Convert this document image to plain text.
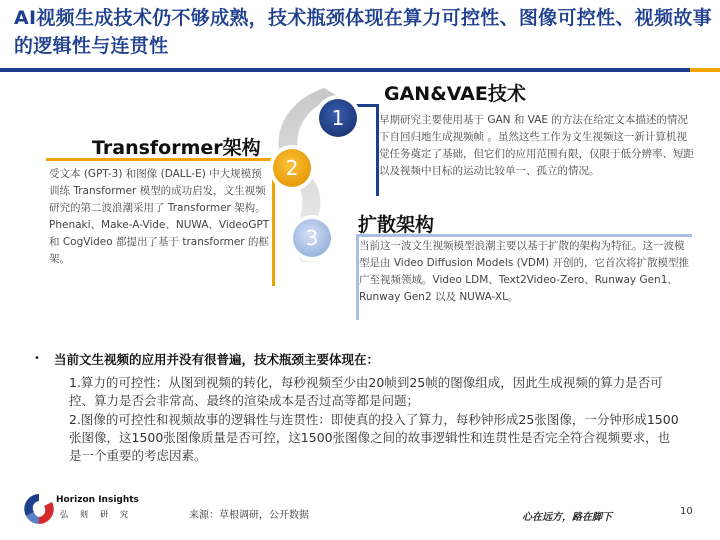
AI视频生成技术仍不够成熟，技术瓶颈体现在算力可控性、图像可控性、视频故事的逻辑性与连贯性
1
2
3
GAN&VAE技术
早期研究主要使用基于 GAN 和 VAE 的方法在给定文本描述的情况下自回归地生成视频帧 。虽然这些工作为文生视频这一新计算机视觉任务奠定了基础，但它们的应用范围有限，仅限于低分辨率、短距以及视频中目标的运动比较单一、孤立的情况。
Transformer架构
受文本 (GPT-3) 和图像 (DALL-E) 中大规模预训练 Transformer 模型的成功启发，文生视频研究的第二波浪潮采用了 Transformer 架构。Phenaki、Make-A-Vide、NUWA、VideoGPT 和 CogVideo 都提出了基于 transformer 的框架。
扩散架构
当前这一波文生视频模型浪潮主要以基于扩散的架构为特征。这一波模型是由 Video Diffusion Models (VDM) 开创的，它首次将扩散模型推广至视频领域。Video LDM、Text2Video-Zero、Runway Gen1、Runway Gen2 以及 NUWA-XL。
• 当前文生视频的应用并没有很普遍，技术瓶颈主要体现在：
1.算力的可控性：从图到视频的转化，每秒视频至少由20帧到25帧的图像组成，因此生成视频的算力是否可控、算力是否会非常高、最终的渲染成本是否过高等都是问题；
2.图像的可控性和视频故事的逻辑性与连贯性：即使真的投入了算力，每秒钟形成25张图像，一分钟形成1500张图像，这1500张图像质量是否可控，这1500张图像之间的故事逻辑性和连贯性是否完全符合视频要求，也是一个重要的考虑因素。
Horizon Insights
弘则研究	来源：草根调研，公开数据	心在远方，路在脚下
10
